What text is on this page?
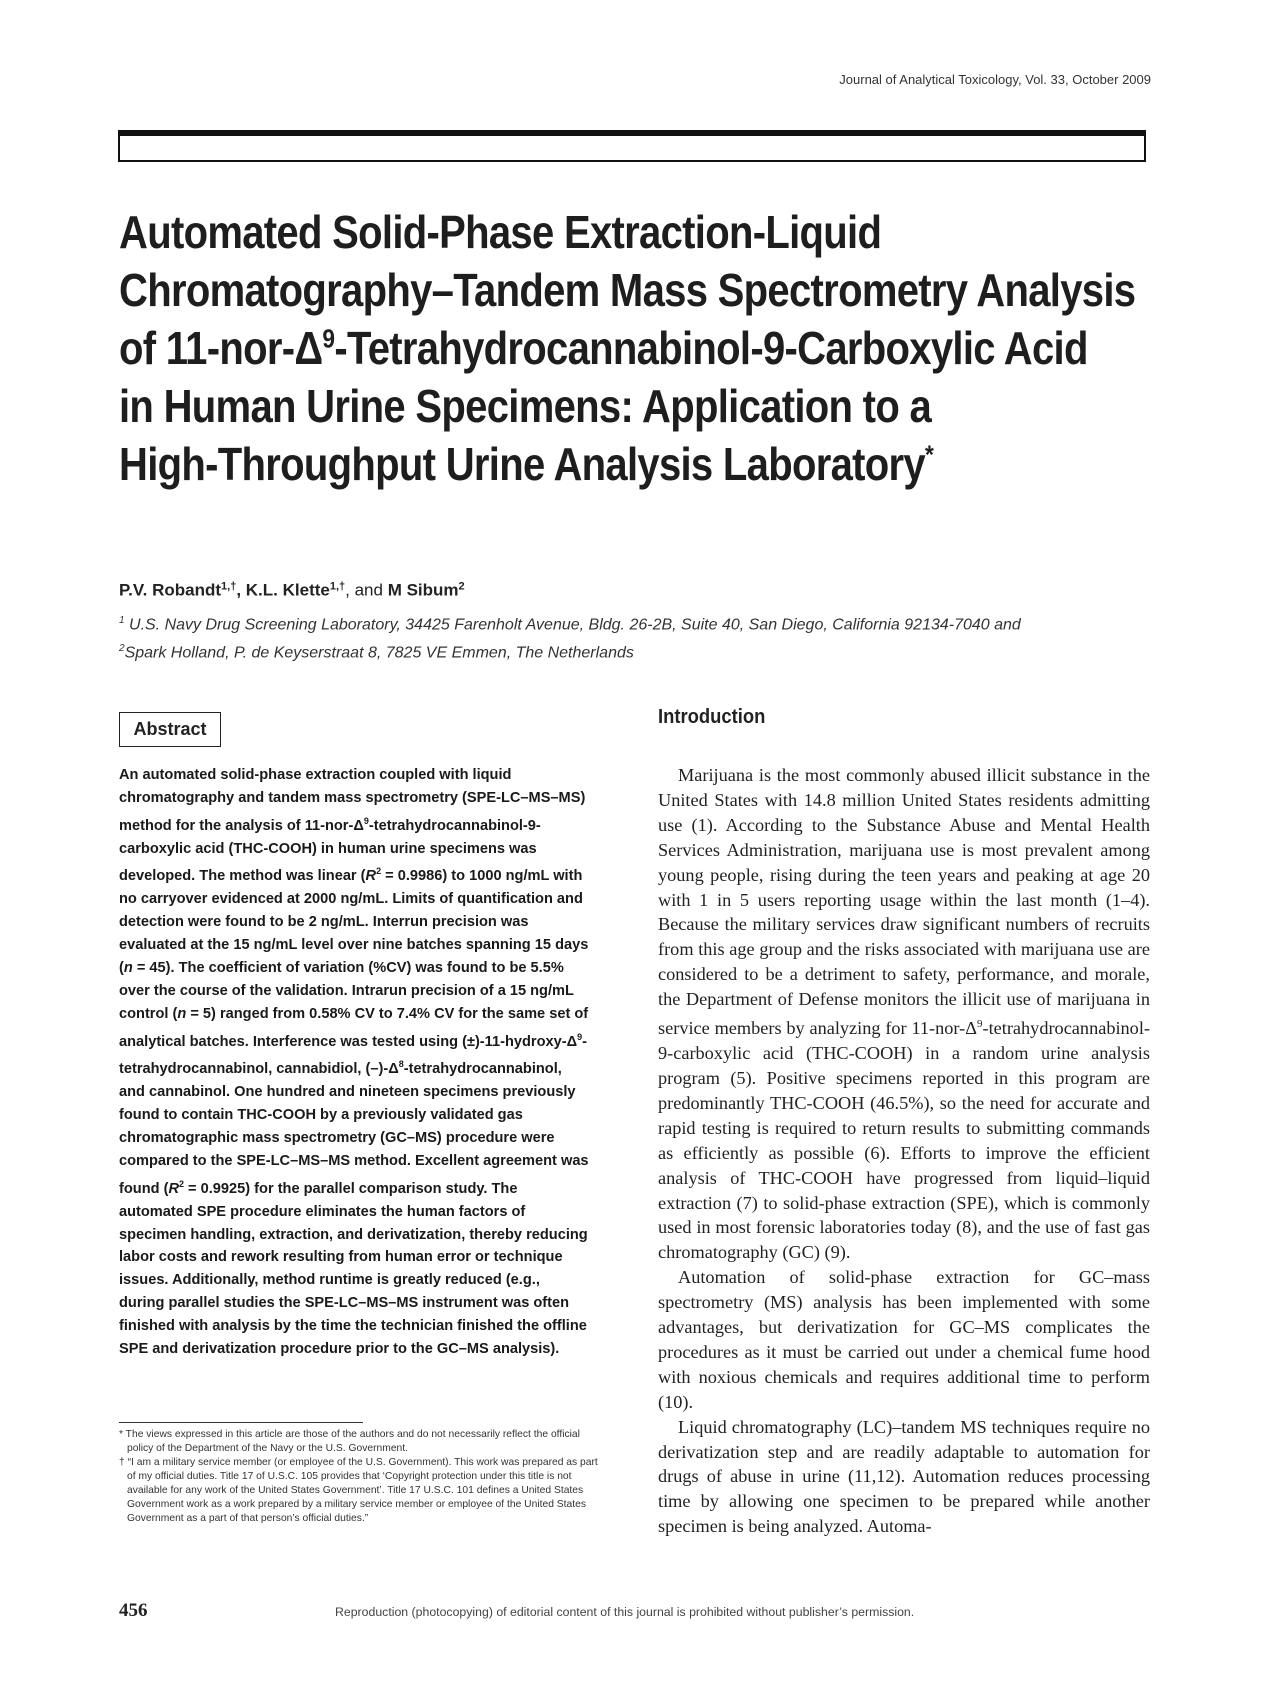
Journal of Analytical Toxicology, Vol. 33, October 2009
Automated Solid-Phase Extraction-Liquid
Chromatography–Tandem Mass Spectrometry Analysis
of $11-nor-\Delta^9-Tetrahydrocannabinol-9$-Carboxylic Acid
in Human Urine Specimens: Application to a
High-Throughput Urine Analysis Laboratory*
P.V. Robandt$^{1,\dagger}$, K.L. Klette$^{1,\dagger}$, and M Sibum$^2$
$^1$ U.S. Navy Drug Screening Laboratory, 34425 Farenholt Avenue, Bldg. 26-2B, Suite 40, San Diego, California 92134-7040 and
$^2$Spark Holland, P. de Keyserstraat 8, 7825 VE Emmen, The Netherlands
Abstract

An automated solid-phase extraction coupled with liquid chromatography and tandem mass spectrometry (SPE-LC–MS–MS) method for the analysis of $11-nor-\Delta^9-tetrahydrocannabinol-9$-carboxylic acid (THC-COOH) in human urine specimens was developed. The method was linear $(R^2 = 0.9986)$ to 1000 ng/mL with no carryover evidenced at 2000 ng/mL. Limits of quantification and detection were found to be 2 ng/mL. Interrun precision was evaluated at the 15 ng/mL level over nine batches spanning 15 days (n = 45). The coefficient of variation (%CV) was found to be 5.5% over the course of the validation. Intrarun precision of a 15 ng/mL control (n = 5) ranged from 0.58% CV to 7.4% CV for the same set of analytical batches. Interference was tested using $(\pm)-11-hydroxy-\Delta^9$-tetrahydrocannabinol, cannabidiol, $(-)-\Delta^8$-tetrahydrocannabinol, and cannabinol. One hundred and nineteen specimens previously found to contain THC-COOH by a previously validated gas chromatographic mass spectrometry (GC–MS) procedure were compared to the SPE-LC–MS–MS method. Excellent agreement was found $(R^2 = 0.9925)$ for the parallel comparison study. The automated SPE procedure eliminates the human factors of specimen handling, extraction, and derivatization, thereby reducing labor costs and rework resulting from human error or technique issues. Additionally, method runtime is greatly reduced (e.g., during parallel studies the SPE-LC–MS–MS instrument was often finished with analysis by the time the technician finished the offline SPE and derivatization procedure prior to the GC–MS analysis).

* The views expressed in this article are those of the authors and do not necessarily reflect the official policy of the Department of the Navy or the U.S. Government.

† “I am a military service member (or employee of the U.S. Government). This work was prepared as part of my official duties. Title 17 of U.S.C. 105 provides that ‘Copyright protection under this title is not available for any work of the United States Government’. Title 17 U.S.C. 101 defines a United States Government work as a work prepared by a military service member or employee of the United States Government as a part of that person’s official duties.”

Introduction

Marijuana is the most commonly abused illicit substance in the United States with 14.8 million United States residents admitting use (1). According to the Substance Abuse and Mental Health Services Administration, marijuana use is most prevalent among young people, rising during the teen years and peaking at age 20 with 1 in 5 users reporting usage within the last month (1–4). Because the military services draw significant numbers of recruits from this age group and the risks associated with marijuana use are considered to be a detriment to safety, performance, and morale, the Department of Defense monitors the illicit use of marijuana in service members by analyzing for $11-nor-\Delta^9-tetrahydrocannabinol-9$-carboxylic acid (THC-COOH) in a random urine analysis program (5). Positive specimens reported in this program are predominantly THC-COOH (46.5%), so the need for accurate and rapid testing is required to return results to submitting commands as efficiently as possible (6). Efforts to improve the efficient analysis of THC-COOH have progressed from liquid–liquid extraction (7) to solid-phase extraction (SPE), which is commonly used in most forensic laboratories today (8), and the use of fast gas chromatography (GC) (9).

Automation of solid-phase extraction for GC–mass spectrometry (MS) analysis has been implemented with some advantages, but derivatization for GC–MS complicates the procedures as it must be carried out under a chemical fume hood with noxious chemicals and requires additional time to perform (10).

Liquid chromatography (LC)–tandem MS techniques require no derivatization step and are readily adaptable to automation for drugs of abuse in urine (11,12). Automation reduces processing time by allowing one specimen to be prepared while another specimen is being analyzed. Automa-

456	Reproduction (photocopying) of editorial content of this journal is prohibited without publisher’s permission.
